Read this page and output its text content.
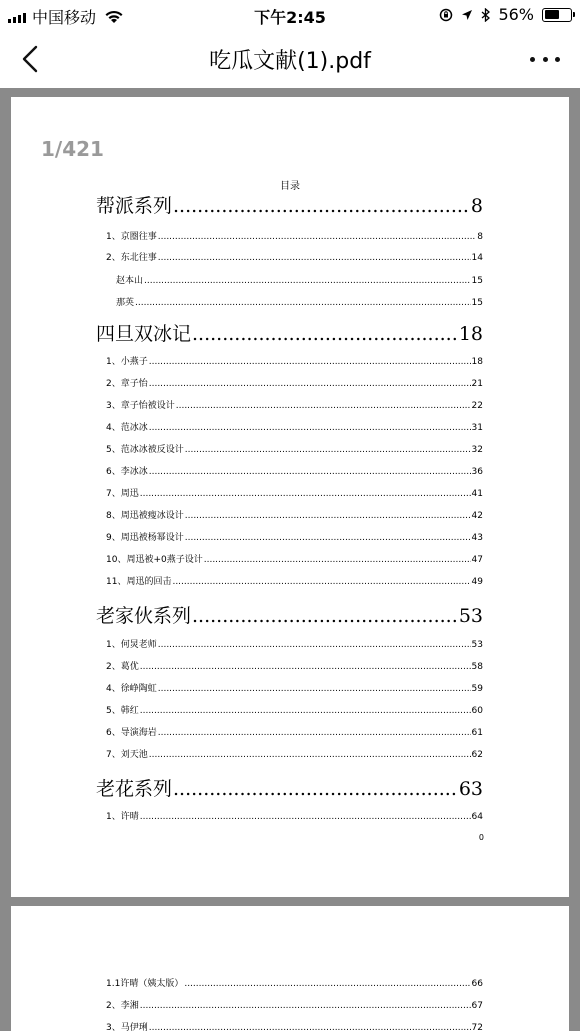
中国移动	下午2:45	56%
吃瓜文献(1).pdf
1/421
目录
帮派系列 .....	8
1、京圈往事 .....	8
2、东北往事 .....	14
赵本山 .....	15
那英 .....	15
四旦双冰记 .....	18
1、小燕子 .....	18
2、章子怡 .....	21
3、章子怡被设计 .....	22
4、范冰冰 .....	31
5、范冰冰被反设计 .....	32
6、李冰冰 .....	36
7、周迅 .....	41
8、周迅被瘦冰设计 .....	42
9、周迅被杨幂设计 .....	43
10、周迅被+0燕子设计 .....	47
11、周迅的回击 .....	49
老家伙系列 .....	53
1、何炅老师 .....	53
2、葛优 .....	58
4、徐峥陶虹 .....	59
5、韩红 .....	60
6、导演海岩 .....	61
7、刘天池 .....	62
老花系列 .....	63
1、许晴 .....	64
0
1.1许晴（姨太版） .....	66
2、李湘 .....	67
3、马伊琍 .....	72
